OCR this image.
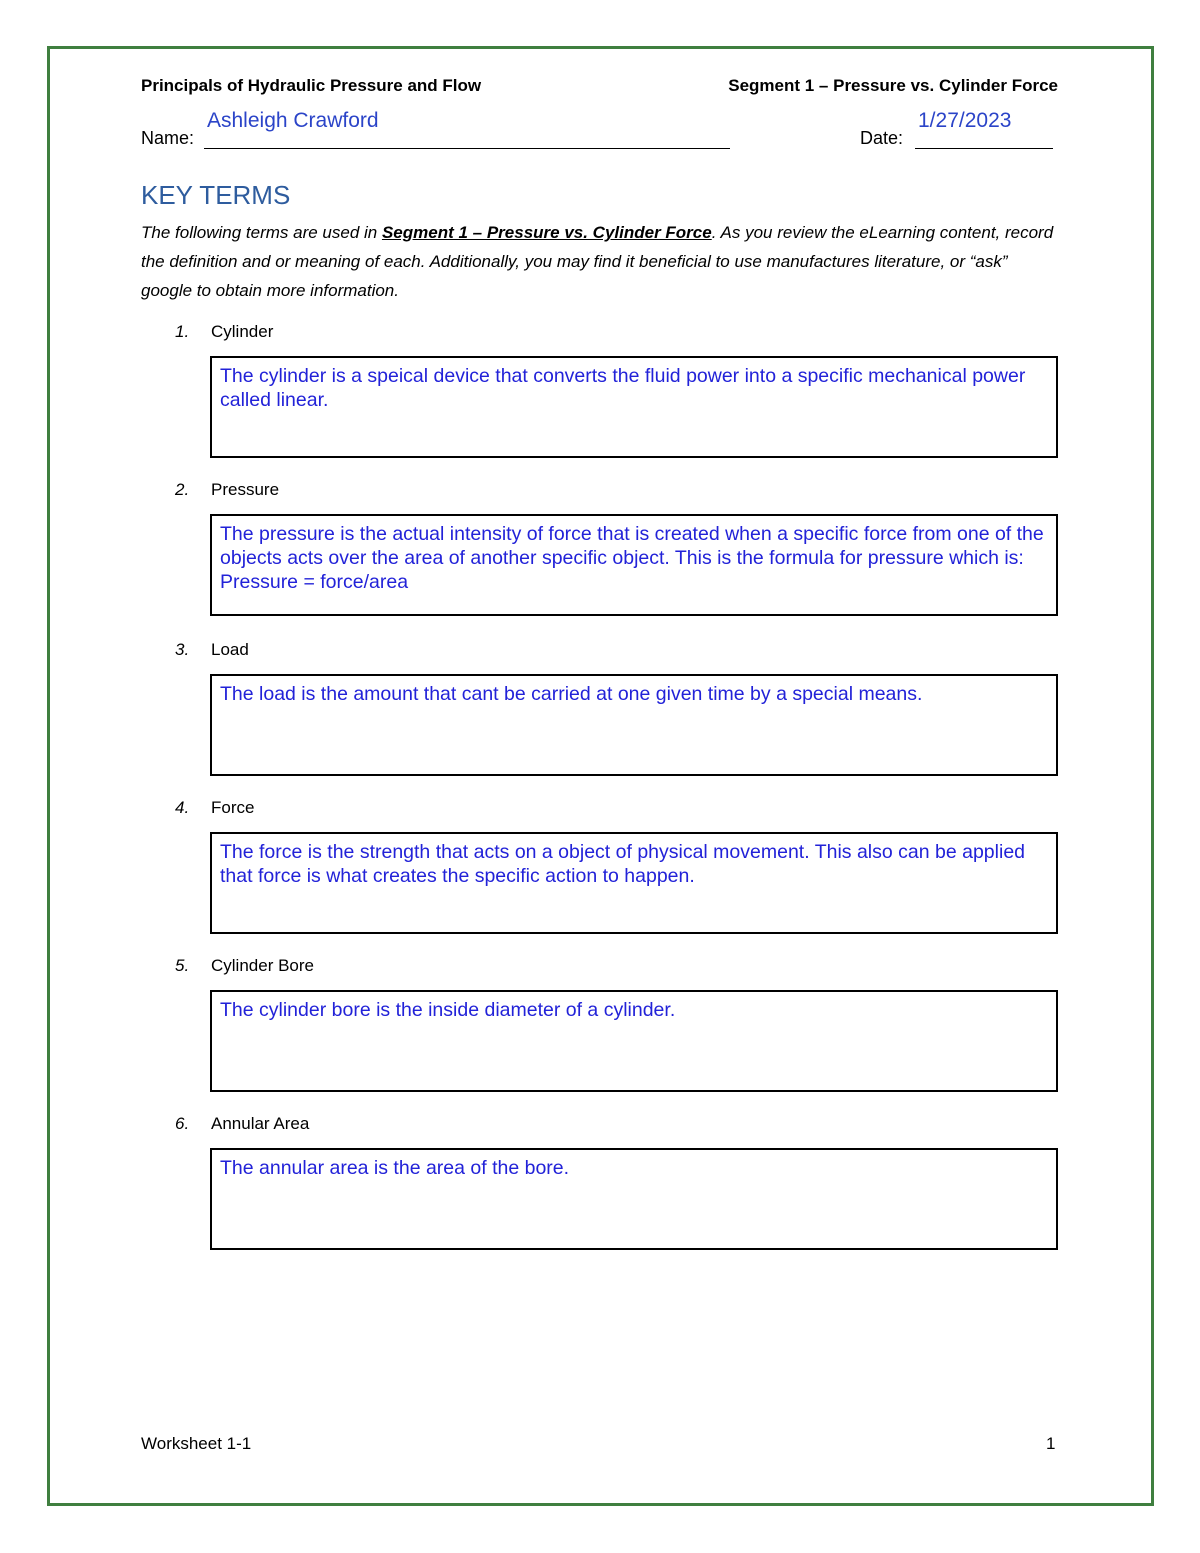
Principals of Hydraulic Pressure and Flow	Segment 1 – Pressure vs. Cylinder Force
Name:
Ashleigh Crawford
Date:
1/27/2023
KEY TERMS
The following terms are used in Segment 1 – Pressure vs. Cylinder Force. As you review the eLearning content, record the definition and or meaning of each. Additionally, you may find it beneficial to use manufactures literature, or “ask” google to obtain more information.
1. Cylinder
The cylinder is a speical device that converts the fluid power into a specific mechanical power called linear.
2. Pressure
The pressure is the actual intensity of force that is created when a specific force from one of the objects acts over the area of another specific object. This is the formula for pressure which is: Pressure = force/area
3. Load
The load is the amount that cant be carried at one given time by a special means.
4. Force
The force is the strength that acts on a object of physical movement. This also can be applied that force is what creates the specific action to happen.
5. Cylinder Bore
The cylinder bore is the inside diameter of a cylinder.
6. Annular Area
The annular area is the area of the bore.
Worksheet 1-1	1
